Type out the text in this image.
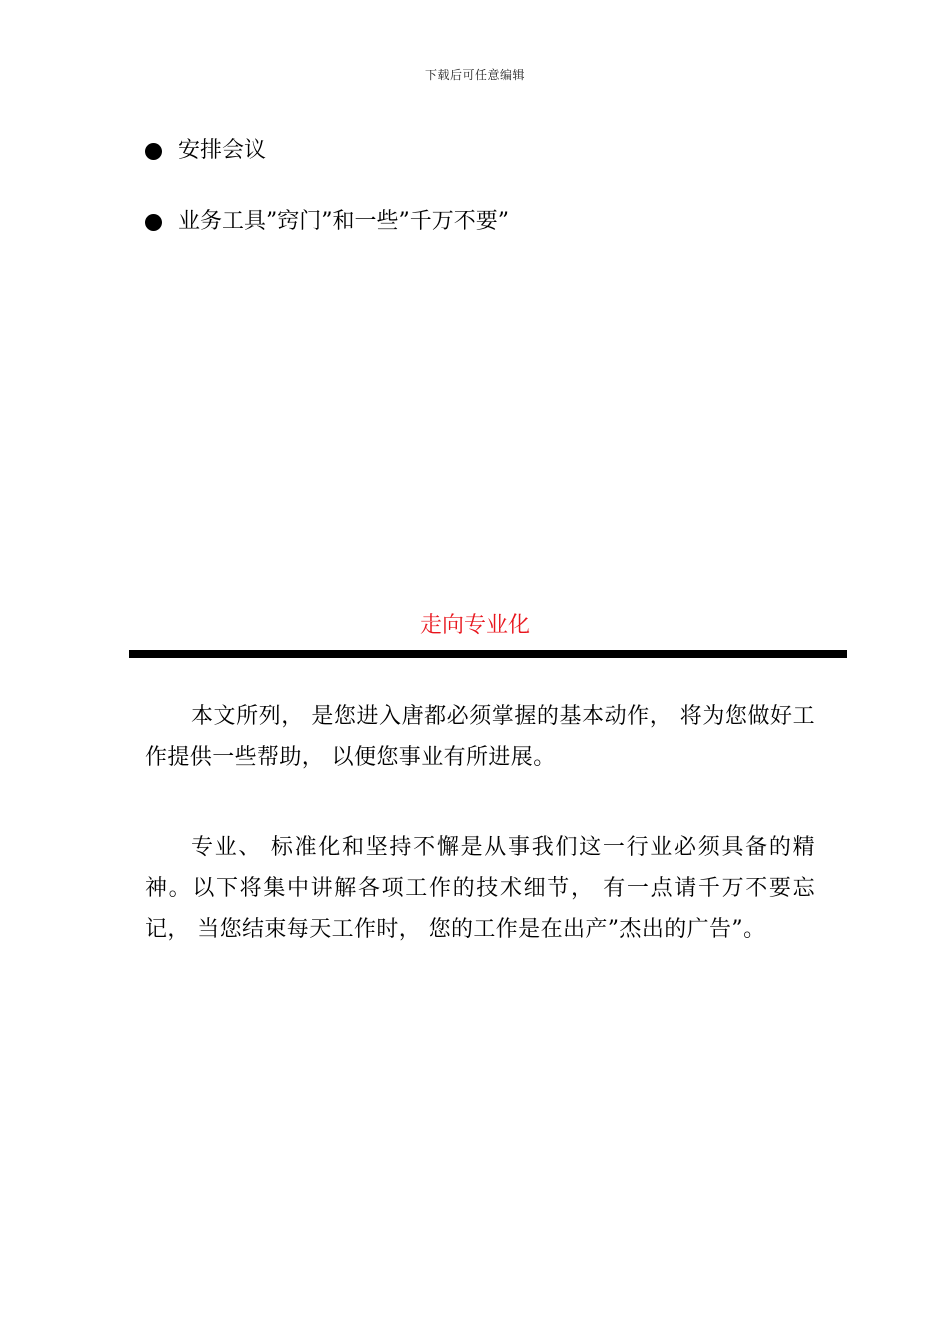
下载后可任意编辑
安排会议
业务工具”窍门”和一些”千万不要”
走向专业化
本文所列， 是您进入唐都必须掌握的基本动作， 将为您做好工作提供一些帮助， 以便您事业有所进展。
专业、 标准化和坚持不懈是从事我们这一行业必须具备的精神。以下将集中讲解各项工作的技术细节， 有一点请千万不要忘记， 当您结束每天工作时， 您的工作是在出产”杰出的广告”。
